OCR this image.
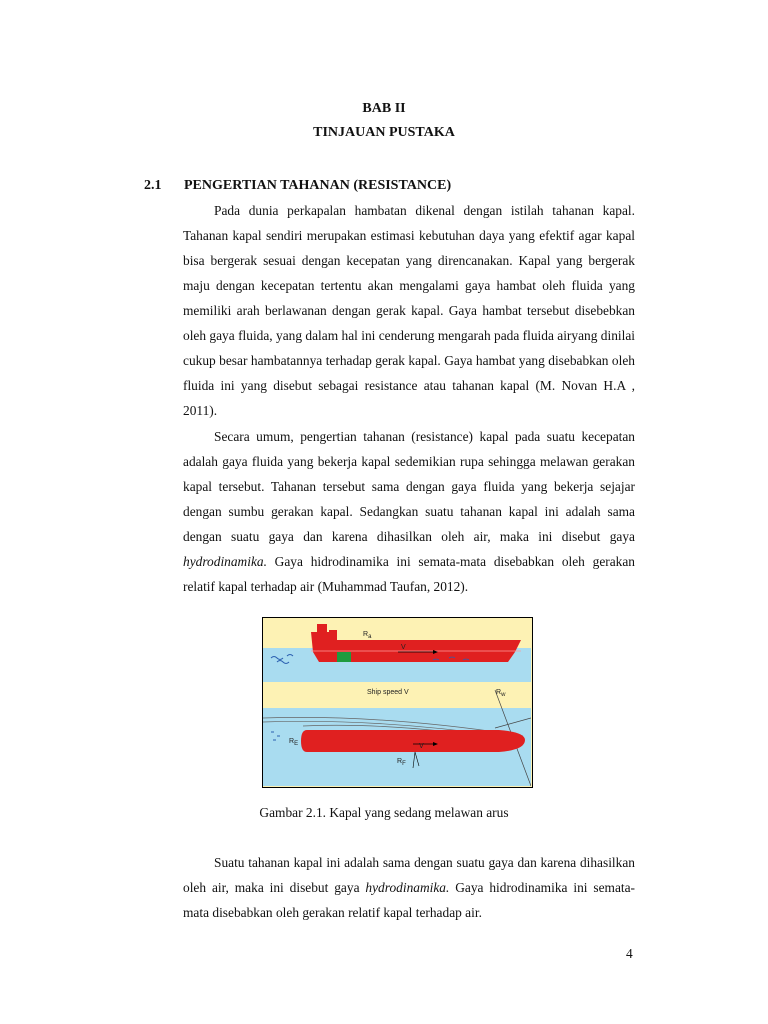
BAB II
TINJAUAN PUSTAKA
2.1 PENGERTIAN TAHANAN (RESISTANCE)

Pada dunia perkapalan hambatan dikenal dengan istilah tahanan kapal. Tahanan kapal sendiri merupakan estimasi kebutuhan daya yang efektif agar kapal bisa bergerak sesuai dengan kecepatan yang direncanakan. Kapal yang bergerak maju dengan kecepatan tertentu akan mengalami gaya hambat oleh fluida yang memiliki arah berlawanan dengan gerak kapal. Gaya hambat tersebut disebebkan oleh gaya fluida, yang dalam hal ini cenderung mengarah pada fluida airyang dinilai cukup besar hambatannya terhadap gerak kapal. Gaya hambat yang disebabkan oleh fluida ini yang disebut sebagai resistance atau tahanan kapal (M. Novan H.A , 2011).

Secara umum, pengertian tahanan (resistance) kapal pada suatu kecepatan adalah gaya fluida yang bekerja kapal sedemikian rupa sehingga melawan gerakan kapal tersebut. Tahanan tersebut sama dengan gaya fluida yang bekerja sejajar dengan sumbu gerakan kapal. Sedangkan suatu tahanan kapal ini adalah sama dengan suatu gaya dan karena dihasilkan oleh air, maka ini disebut gaya hydrodinamika. Gaya hidrodinamika ini semata-mata disebabkan oleh gerakan relatif kapal terhadap air (Muhammad Taufan, 2012).

V
Ra
Ship speed V	Rw
V
RE
RF
Gambar 2.1. Kapal yang sedang melawan arus

Suatu tahanan kapal ini adalah sama dengan suatu gaya dan karena dihasilkan oleh air, maka ini disebut gaya hydrodinamika. Gaya hidrodinamika ini semata-mata disebabkan oleh gerakan relatif kapal terhadap air.

4
